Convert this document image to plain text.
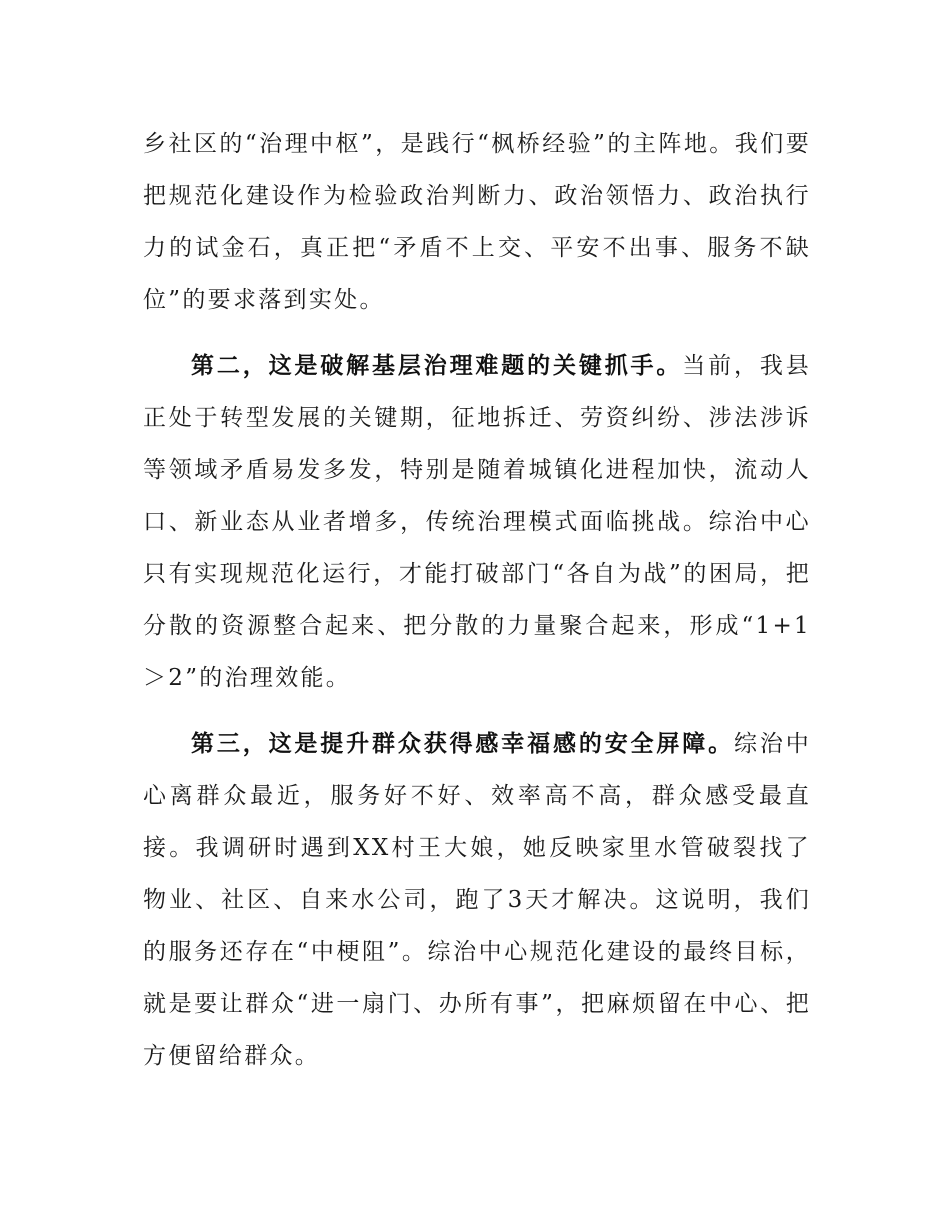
乡社区的“治理中枢”，是践行“枫桥经验”的主阵地。我们要把规范化建设作为检验政治判断力、政治领悟力、政治执行力的试金石，真正把“矛盾不上交、平安不出事、服务不缺位”的要求落到实处。

第二，这是破解基层治理难题的关键抓手。当前，我县正处于转型发展的关键期，征地拆迁、劳资纠纷、涉法涉诉等领域矛盾易发多发，特别是随着城镇化进程加快，流动人口、新业态从业者增多，传统治理模式面临挑战。综治中心只有实现规范化运行，才能打破部门“各自为战”的困局，把分散的资源整合起来、把分散的力量聚合起来，形成“1+1＞2”的治理效能。

第三，这是提升群众获得感幸福感的安全屏障。综治中心离群众最近，服务好不好、效率高不高，群众感受最直接。我调研时遇到XX村王大娘，她反映家里水管破裂找了物业、社区、自来水公司，跑了3天才解决。这说明，我们的服务还存在“中梗阻”。综治中心规范化建设的最终目标，就是要让群众“进一扇门、办所有事”，把麻烦留在中心、把方便留给群众。
